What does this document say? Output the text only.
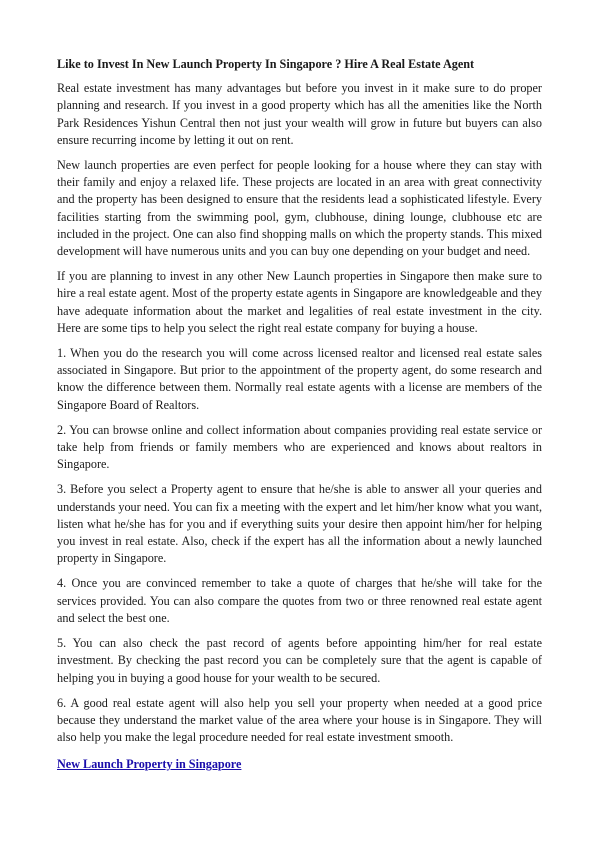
Like to Invest In New Launch Property In Singapore ? Hire A Real Estate Agent

Real estate investment has many advantages but before you invest in it make sure to do proper planning and research. If you invest in a good property which has all the amenities like the North Park Residences Yishun Central then not just your wealth will grow in future but buyers can also ensure recurring income by letting it out on rent.

New launch properties are even perfect for people looking for a house where they can stay with their family and enjoy a relaxed life. These projects are located in an area with great connectivity and the property has been designed to ensure that the residents lead a sophisticated lifestyle. Every facilities starting from the swimming pool, gym, clubhouse, dining lounge, clubhouse etc are included in the project. One can also find shopping malls on which the property stands. This mixed development will have numerous units and you can buy one depending on your budget and need.

If you are planning to invest in any other New Launch properties in Singapore then make sure to hire a real estate agent. Most of the property estate agents in Singapore are knowledgeable and they have adequate information about the market and legalities of real estate investment in the city. Here are some tips to help you select the right real estate company for buying a house.

1. When you do the research you will come across licensed realtor and licensed real estate sales associated in Singapore. But prior to the appointment of the property agent, do some research and know the difference between them. Normally real estate agents with a license are members of the Singapore Board of Realtors.

2. You can browse online and collect information about companies providing real estate service or take help from friends or family members who are experienced and knows about realtors in Singapore.

3. Before you select a Property agent to ensure that he/she is able to answer all your queries and understands your need. You can fix a meeting with the expert and let him/her know what you want, listen what he/she has for you and if everything suits your desire then appoint him/her for helping you invest in real estate. Also, check if the expert has all the information about a newly launched property in Singapore.

4. Once you are convinced remember to take a quote of charges that he/she will take for the services provided. You can also compare the quotes from two or three renowned real estate agent and select the best one.

5. You can also check the past record of agents before appointing him/her for real estate investment. By checking the past record you can be completely sure that the agent is capable of helping you in buying a good house for your wealth to be secured.

6. A good real estate agent will also help you sell your property when needed at a good price because they understand the market value of the area where your house is in Singapore. They will also help you make the legal procedure needed for real estate investment smooth.

New Launch Property in Singapore
